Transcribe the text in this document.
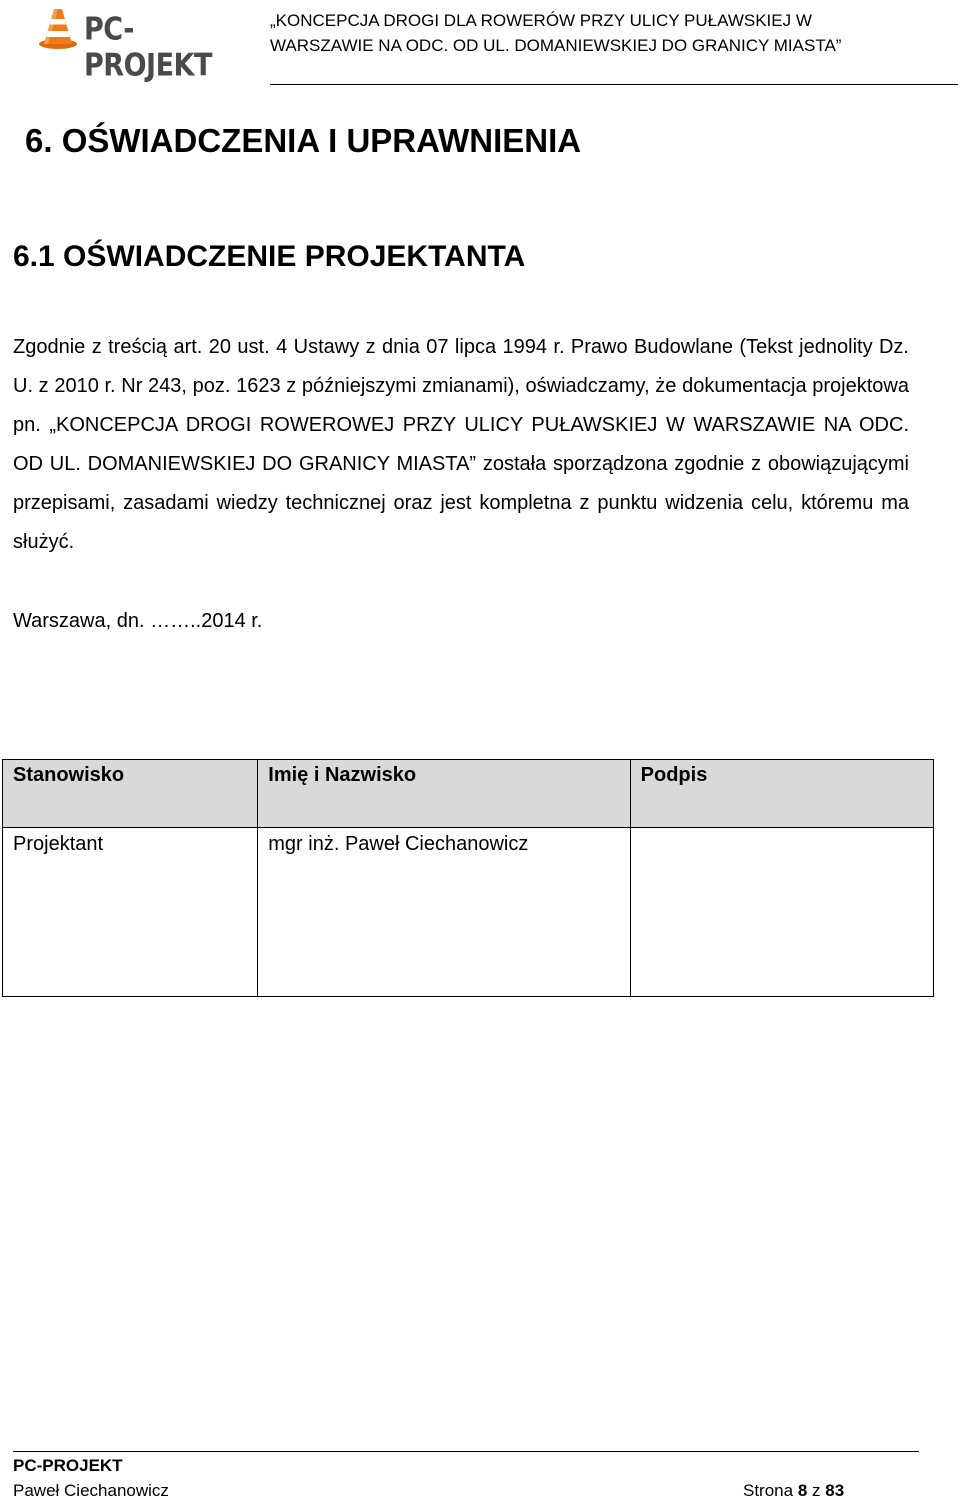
PC-PROJEKT
„KONCEPCJA DROGI DLA ROWERÓW PRZY ULICY PUŁAWSKIEJ W
WARSZAWIE NA ODC. OD UL. DOMANIEWSKIEJ DO GRANICY MIASTA”
6. OŚWIADCZENIA I UPRAWNIENIA
6.1 OŚWIADCZENIE PROJEKTANTA

Zgodnie z treścią art. 20 ust. 4 Ustawy z dnia 07 lipca 1994 r. Prawo Budowlane (Tekst jednolity Dz. U. z 2010 r. Nr 243, poz. 1623 z późniejszymi zmianami), oświadczamy, że dokumentacja projektowa pn. „KONCEPCJA DROGI ROWEROWEJ PRZY ULICY PUŁAWSKIEJ W WARSZAWIE NA ODC. OD UL. DOMANIEWSKIEJ DO GRANICY MIASTA” została sporządzona zgodnie z obowiązującymi przepisami, zasadami wiedzy technicznej oraz jest kompletna z punktu widzenia celu, któremu ma służyć.

Warszawa, dn. ……..2014 r.
Stanowisko	Imię i Nazwisko	Podpis
Projektant	mgr inż. Paweł Ciechanowicz	
PC-PROJEKT
Paweł Ciechanowicz	Strona 8 z 83
